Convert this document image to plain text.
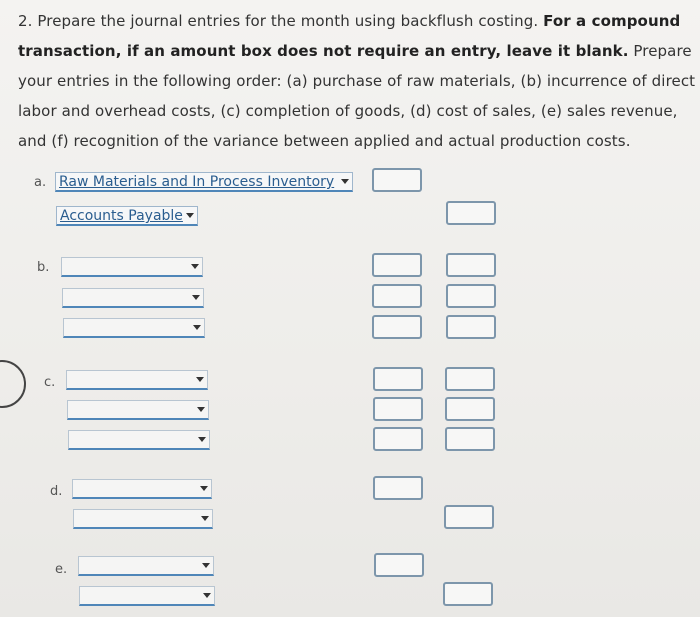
2. Prepare the journal entries for the month using backflush costing. For a compound transaction, if an amount box does not require an entry, leave it blank. Prepare your entries in the following order: (a) purchase of raw materials, (b) incurrence of direct labor and overhead costs, (c) completion of goods, (d) cost of sales, (e) sales revenue, and (f) recognition of the variance between applied and actual production costs.
a. Raw Materials and In Process Inventory
Accounts Payable
b.
c.
d.
e.
